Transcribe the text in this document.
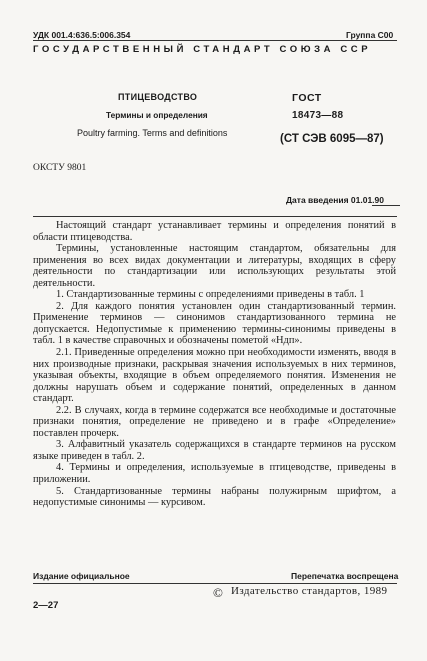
УДК 001.4:636.5:006.354	Группа С00
ГОСУДАРСТВЕННЫЙ СТАНДАРТ СОЮЗА ССР
ПТИЦЕВОДСТВО	ГОСТ
Термины и определения	18473—88
Poultry farming. Terms and definitions	(СТ СЭВ 6095—87)
ОКСТУ 9801
Дата введения 01.01.90

Настоящий стандарт устанавливает термины и определения понятий в области птицеводства.

Термины, установленные настоящим стандартом, обязательны для применения во всех видах документации и литературы, входящих в сферу деятельности по стандартизации или использующих результаты этой деятельности.

1. Стандартизованные термины с определениями приведены в табл. 1

2. Для каждого понятия установлен один стандартизованный термин. Применение терминов — синонимов стандартизованного термина не допускается. Недопустимые к применению термины-синонимы приведены в табл. 1 в качестве справочных и обозначены пометой «Ндп».

2.1. Приведенные определения можно при необходимости изменять, вводя в них производные признаки, раскрывая значения используемых в них терминов, указывая объекты, входящие в объем определяемого понятия. Изменения не должны нарушать объем и содержание понятий, определенных в данном стандарт.

2.2. В случаях, когда в термине содержатся все необходимые и достаточные признаки понятия, определение не приведено и в графе «Определение» поставлен прочерк.

3. Алфавитный указатель содержащихся в стандарте терминов на русском языке приведен в табл. 2.

4. Термины и определения, используемые в птицеводстве, приведены в приложении.

5. Стандартизованные термины набраны полужирным шрифтом, а недопустимые синонимы — курсивом.

Издание официальное	Перепечатка воспрещена
© Издательство стандартов, 1989
2—27
